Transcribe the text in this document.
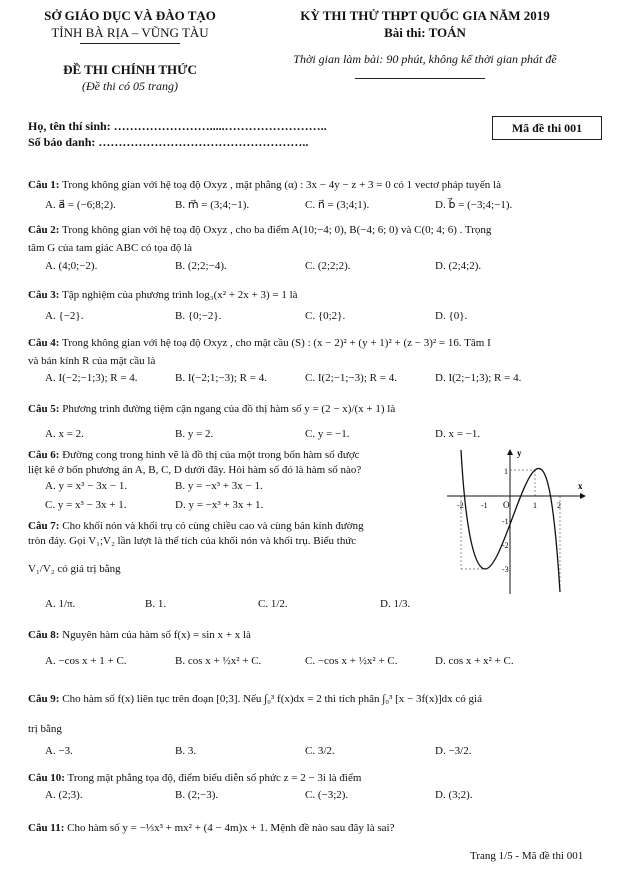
SỞ GIÁO DỤC VÀ ĐÀO TẠO
TỈNH BÀ RỊA – VŨNG TÀU
KỲ THI THỬ THPT QUỐC GIA NĂM 2019
Bài thi: TOÁN
Thời gian làm bài: 90 phút, không kể thời gian phát đề
ĐỀ THI CHÍNH THỨC
(Đề thi có 05 trang)
Họ, tên thí sinh: …………………….....……………………..
Số báo danh: ……………………………………………..
Mã đề thi 001
Câu 1: Trong không gian với hệ toạ độ Oxyz , mặt phẳng (α) : 3x − 4y − z + 3 = 0 có 1 vectơ pháp tuyến là
A. a⃗ = (−6;8;2).	B. m⃗ = (3;4;−1).	C. n⃗ = (3;4;1).	D. b⃗ = (−3;4;−1).
Câu 2: Trong không gian với hệ toạ độ Oxyz , cho ba điểm A(10;−4; 0), B(−4; 6; 0) và C(0; 4; 6) . Trọng
tâm G của tam giác ABC có tọa độ là
A. (4;0;−2).	B. (2;2;−4).	C. (2;2;2).	D. (2;4;2).
Câu 3: Tập nghiệm của phương trình log₃(x² + 2x + 3) = 1 là
A. {−2}.	B. {0;−2}.	C. {0;2}.	D. {0}.
Câu 4: Trong không gian với hệ toạ độ Oxyz , cho mặt cầu (S) : (x − 2)² + (y + 1)² + (z − 3)² = 16. Tâm I
và bán kính R của mặt cầu là
A. I(−2;−1;3); R = 4.	B. I(−2;1;−3); R = 4.	C. I(2;−1;−3); R = 4.	D. I(2;−1;3); R = 4.
Câu 5: Phương trình đường tiệm cận ngang của đồ thị hàm số y = (2 − x)/(x + 1) là
A. x = 2.	B. y = 2.	C. y = −1.	D. x = −1.
Câu 6: Đường cong trong hình vẽ là đồ thị của một trong bốn hàm số được
liệt kê ở bốn phương án A, B, C, D dưới đây. Hỏi hàm số đó là hàm số nào?
A. y = x³ − 3x − 1.	B. y = −x³ + 3x − 1.
C. y = x³ − 3x + 1.	D. y = −x³ + 3x + 1.
Câu 7: Cho khối nón và khối trụ có cùng chiều cao và cùng bán kính đường
tròn đáy. Gọi V₁;V₂ lần lượt là thể tích của khối nón và khối trụ. Biểu thức
V₁/V₂ có giá trị bằng
A. 1/π.	B. 1.	C. 1/2.	D. 1/3.
Câu 8: Nguyên hàm của hàm số f(x) = sin x + x là
A. −cos x + 1 + C.	B. cos x + ½x² + C.	C. −cos x + ½x² + C.	D. cos x + x² + C.
Câu 9: Cho hàm số f(x) liên tục trên đoạn [0;3]. Nếu ∫₀³ f(x)dx = 2 thì tích phân ∫₀³ [x − 3f(x)]dx có giá
trị bằng
A. −3.	B. 3.	C. 3/2.	D. −3/2.
Câu 10: Trong mặt phẳng tọa độ, điểm biểu diễn số phức z = 2 − 3i là điểm
A. (2;3).	B. (2;−3).	C. (−3;2).	D. (3;2).
Câu 11: Cho hàm số y = −⅓x³ + mx² + (4 − 4m)x + 1. Mệnh đề nào sau đây là sai?
Trang 1/5 - Mã đề thi 001
x
y
-2 -1 O	1	2
1
-1
-2
-3
